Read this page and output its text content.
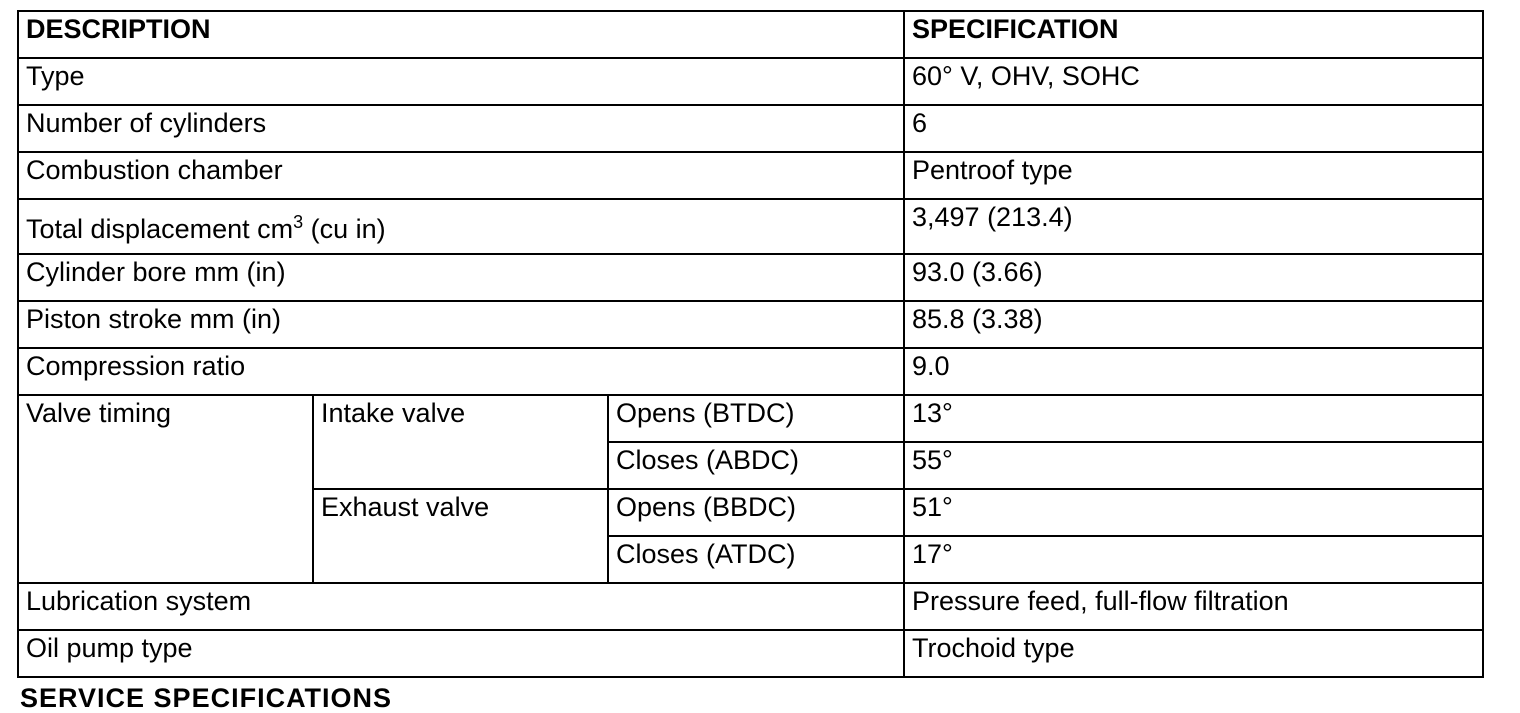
DESCRIPTION			SPECIFICATION
Type			60° V, OHV, SOHC
Number of cylinders			6
Combustion chamber			Pentroof type
Total displacement $cm^3$ (cu in)			3,497 (213.4)
Cylinder bore mm (in)			93.0 (3.66)
Piston stroke mm (in)			85.8 (3.38)
Compression ratio			9.0
Valve timing	Intake valve	Opens (BTDC)	13°
		Closes (ABDC)	55°
	Exhaust valve	Opens (BBDC)	51°
		Closes (ATDC)	17°
Lubrication system			Pressure feed, full-flow filtration
Oil pump type			Trochoid type
SERVICE SPECIFICATIONS
